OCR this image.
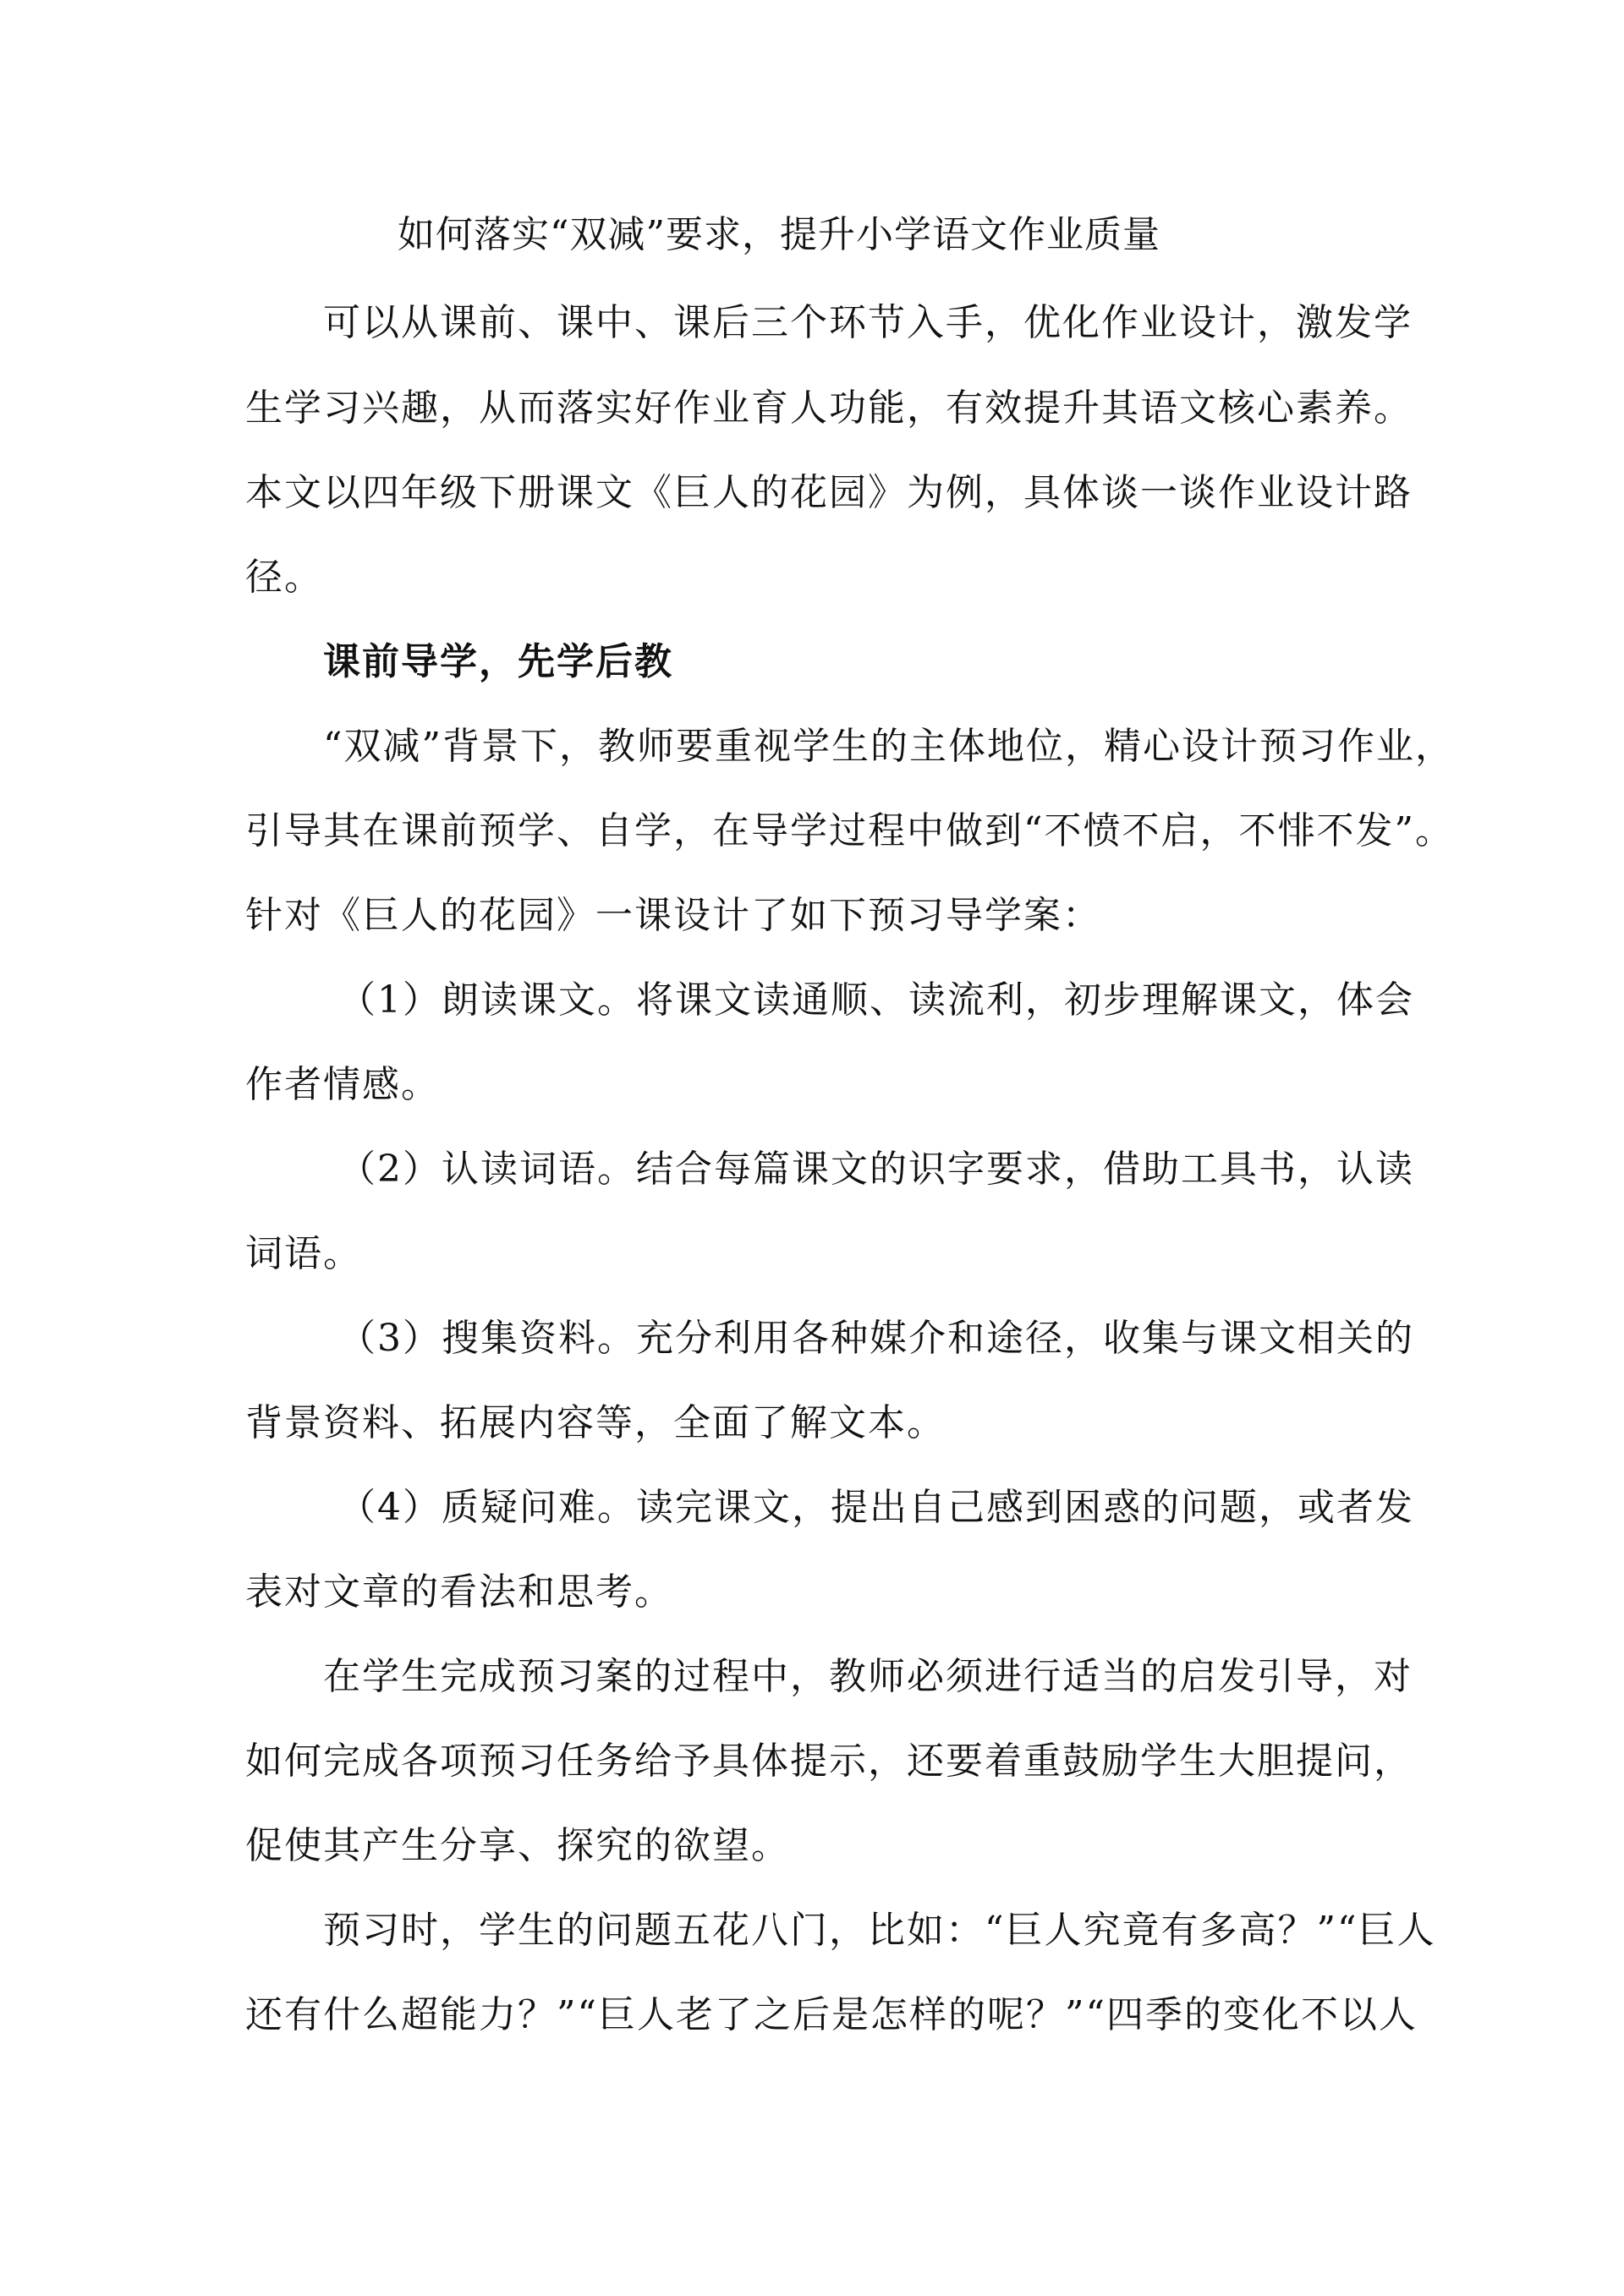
如何落实“双减”要求，提升小学语文作业质量
可以从课前、课中、课后三个环节入手，优化作业设计，激发学
生学习兴趣，从而落实好作业育人功能，有效提升其语文核心素养。
本文以四年级下册课文《巨人的花园》为例，具体谈一谈作业设计路
径。
课前导学，先学后教
“双减”背景下，教师要重视学生的主体地位，精心设计预习作业，
引导其在课前预学、自学，在导学过程中做到“不愤不启，不悱不发”。
针对《巨人的花园》一课设计了如下预习导学案：
（1）朗读课文。将课文读通顺、读流利，初步理解课文，体会
作者情感。
（2）认读词语。结合每篇课文的识字要求，借助工具书，认读
词语。
（3）搜集资料。充分利用各种媒介和途径，收集与课文相关的
背景资料、拓展内容等，全面了解文本。
（4）质疑问难。读完课文，提出自己感到困惑的问题，或者发
表对文章的看法和思考。
在学生完成预习案的过程中，教师必须进行适当的启发引导，对
如何完成各项预习任务给予具体提示，还要着重鼓励学生大胆提问，
促使其产生分享、探究的欲望。
预习时，学生的问题五花八门，比如：“巨人究竟有多高？”“巨人
还有什么超能力？”“巨人老了之后是怎样的呢？”“四季的变化不以人
